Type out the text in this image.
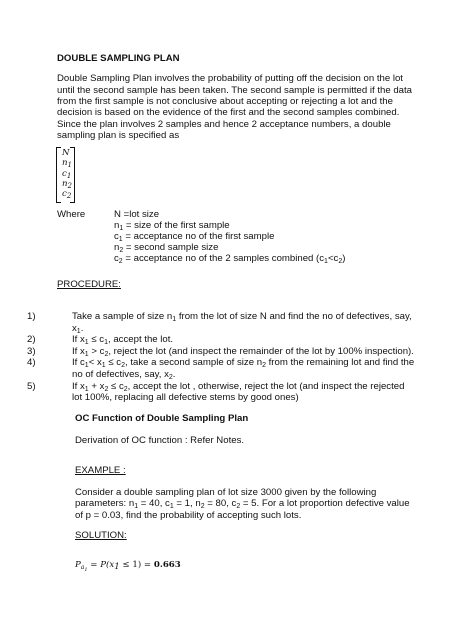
DOUBLE SAMPLING PLAN
Double Sampling Plan involves the probability of putting off the decision on the lot
until the second sample has been taken. The second sample is permitted if the data
from the first sample is not conclusive about accepting or rejecting a lot and the
decision is based on the evidence of the first and the second samples combined.
Since the plan involves 2 samples and hence 2 acceptance numbers, a double
sampling plan is specified as
N
$n_1$
$c_1$
$n_2$
$c_2$
Where	N =lot size
$n_1$ = size of the first sample
$c_1$ = acceptance no of the first sample
$n_2$ = second sample size
$c_2$ = acceptance no of the 2 samples combined $(c_1<c_2)$
PROCEDURE:
1)	Take a sample of size $n_1$ from the lot of size N and find the no of defectives, say,
$x_1$.
2)	If $x_1 \le c_1$, accept the lot.
3)	If $x_1 > c_2$, reject the lot (and inspect the remainder of the lot by 100% inspection).
4)	If $c_1< x_1 \le c_2$, take a second sample of size $n_2$ from the remaining lot and find the
no of defectives, say, $x_2$.
5)	If $x_1 + x_2 \le c_2$, accept the lot , otherwise, reject the lot (and inspect the rejected
lot 100%, replacing all defective stems by good ones)
OC Function of Double Sampling Plan
Derivation of OC function : Refer Notes.
EXAMPLE :
Consider a double sampling plan of lot size 3000 given by the following
parameters: $n_1 = 40$, $c_1 = 1$, $n_2 = 80$, $c_2 = 5$. For a lot proportion defective value
of p = 0.03, find the probability of accepting such lots.
SOLUTION:
$P_{a_1} = P(x_1 \le 1) = 0.663$
